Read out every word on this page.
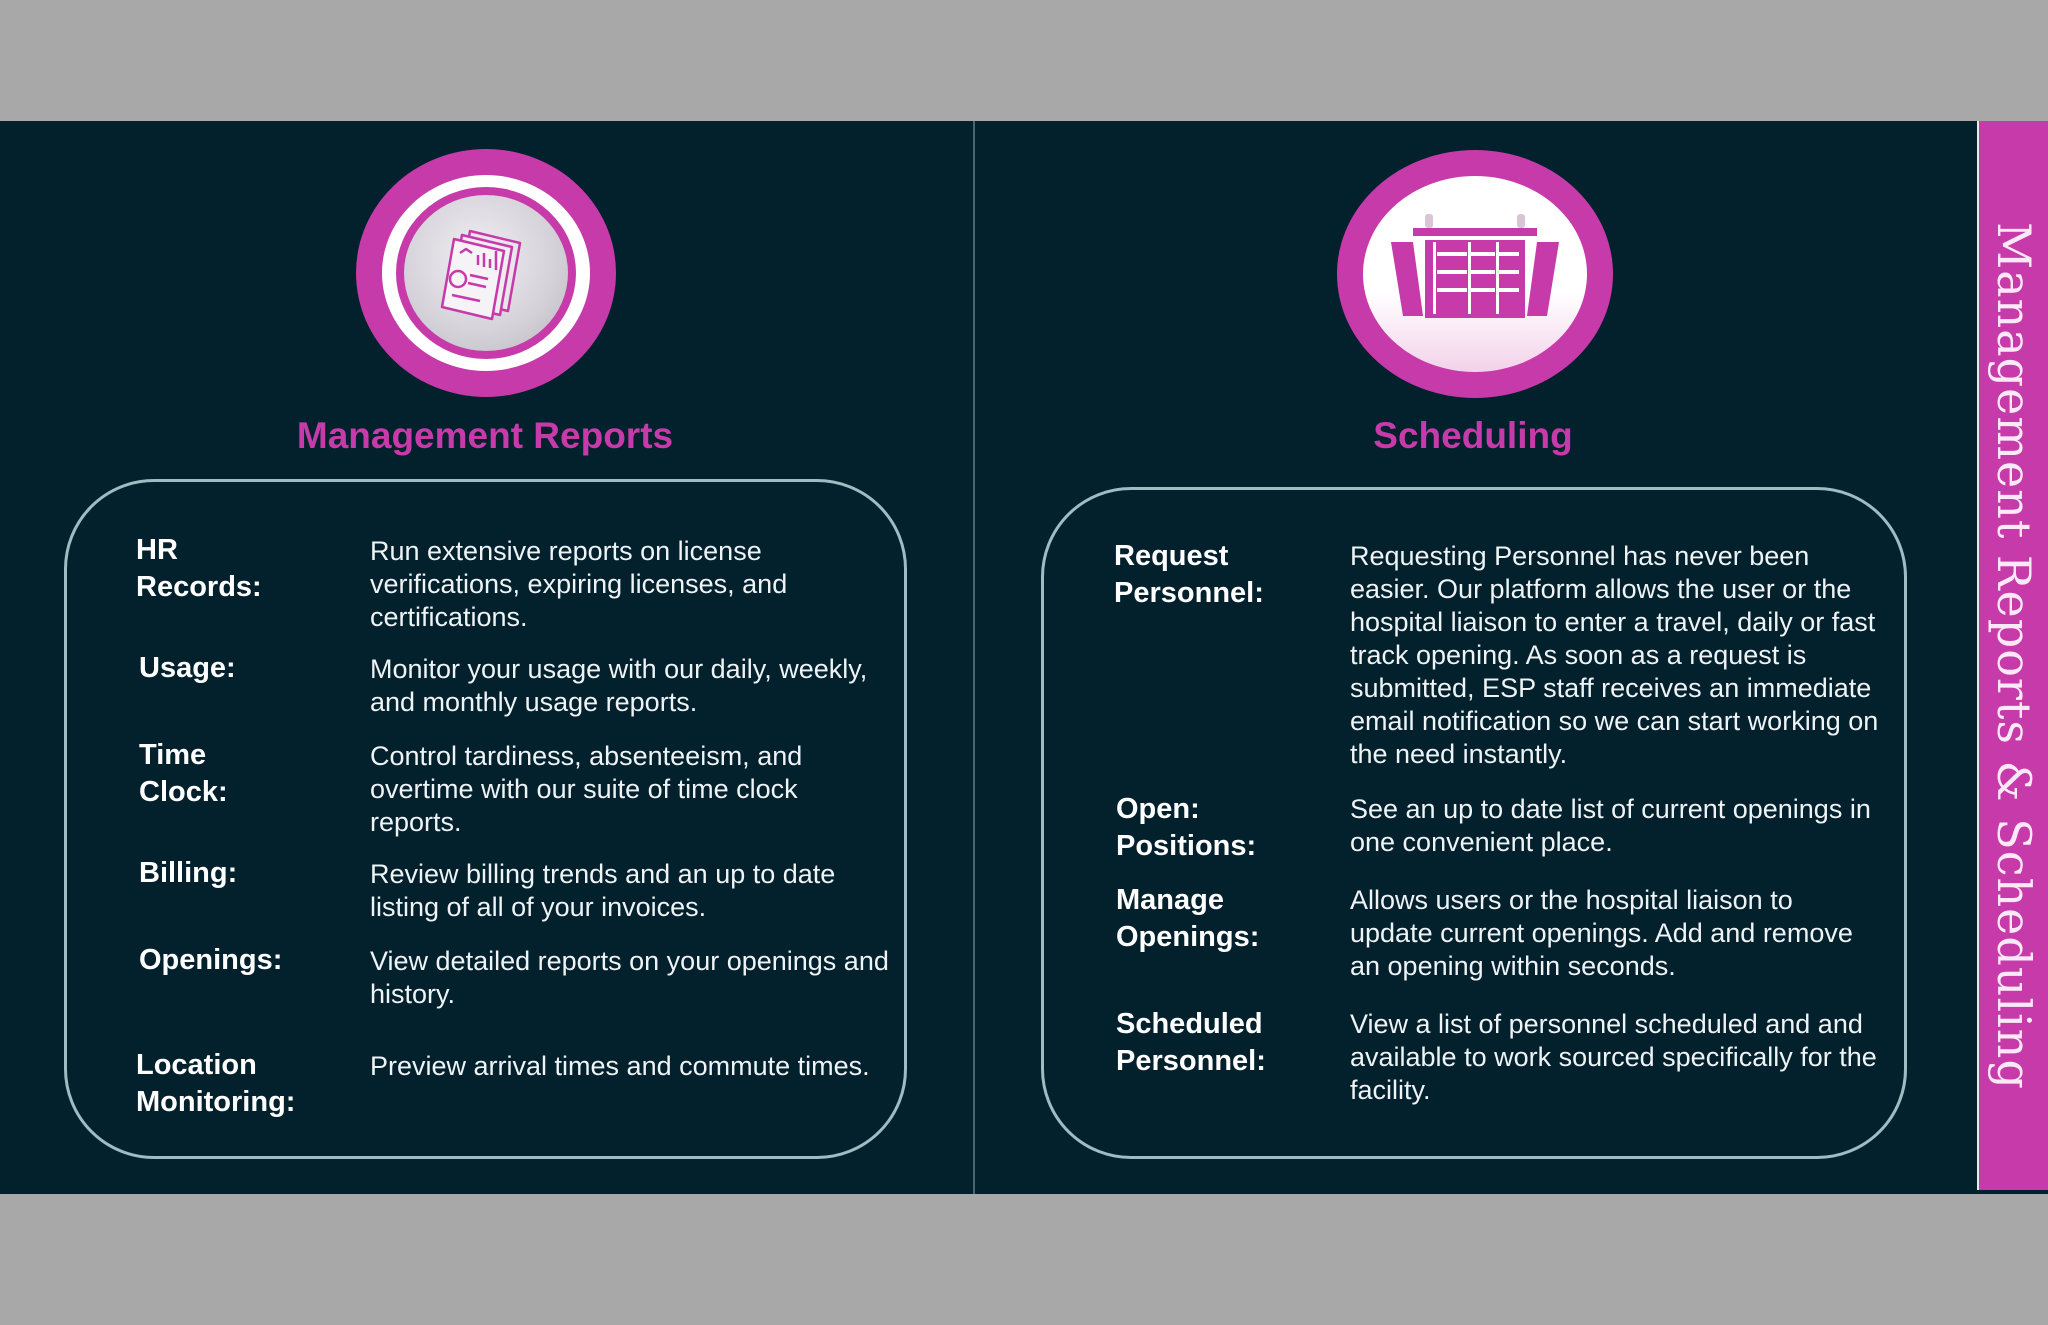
Management Reports
HR Records:
Run extensive reports on license verifications, expiring licenses, and certifications.
Usage:	Monitor your usage with our daily, weekly, and monthly usage reports.
Time Clock:
Control tardiness, absenteeism, and overtime with our suite of time clock reports.
Billing:	Review billing trends and an up to date listing of all of your invoices.
Openings:	View detailed reports on your openings and history.
Location
Monitoring:
Preview arrival times and commute times.
Scheduling
Request
Personnel:
Requesting Personnel has never been easier. Our platform allows the user or the hospital liaison to enter a travel, daily or fast track opening. As soon as a request is submitted, ESP staff receives an immediate email notification so we can start working on the need instantly.
Open:
Positions:
See an up to date list of current openings in one convenient place.
Manage
Openings:
Allows users or the hospital liaison to update current openings. Add and remove an opening within seconds.
Scheduled
Personnel:
View a list of personnel scheduled and and available to work sourced specifically for the facility.
Management Reports & Scheduling
